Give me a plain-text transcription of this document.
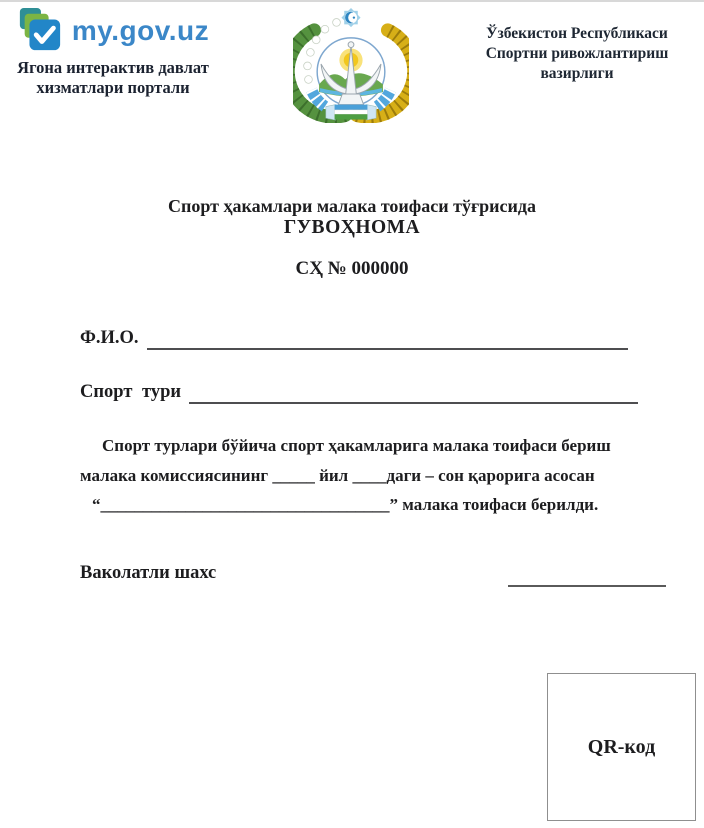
my.gov.uz
Ягона интерактив давлат
хизматлари портали
Ўзбекистон Республикаси
Спортни ривожлантириш
вазирлиги
Спорт ҳакамлари малака тоифаси тўғрисида
ГУВОҲНОМА
СҲ № 000000
Ф.И.О.
Спорт тури
Спорт турлари бўйича спорт ҳакамларига малака тоифаси бериш
малака комиссиясининг _____ йил ____даги – сон қарорига асосан
“__________________________________” малака тоифаси берилди.
Ваколатли шахс
QR-код
